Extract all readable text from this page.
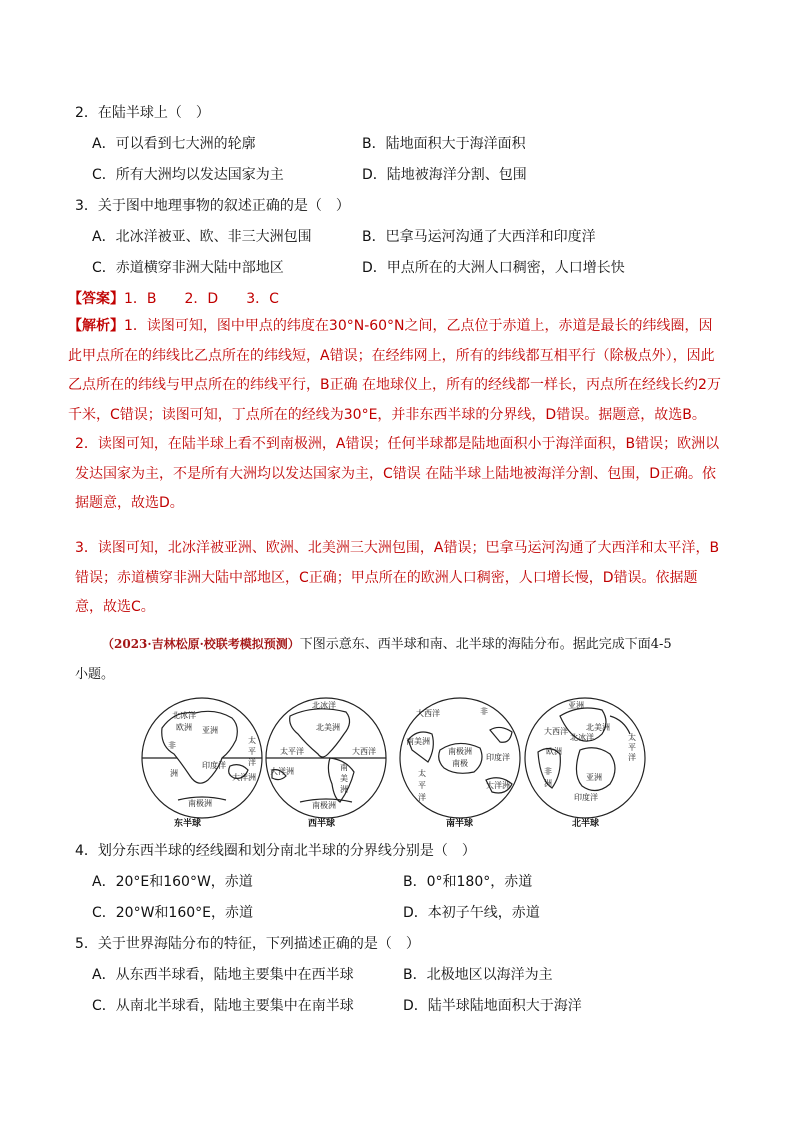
2．在陆半球上（　）
A．可以看到七大洲的轮廓	B．陆地面积大于海洋面积
C．所有大洲均以发达国家为主	D．陆地被海洋分割、包围
3．关于图中地理事物的叙述正确的是（　）
A．北冰洋被亚、欧、非三大洲包围	B．巴拿马运河沟通了大西洋和印度洋
C．赤道横穿非洲大陆中部地区	D．甲点所在的大洲人口稠密，人口增长快
【答案】1．B　　2．D　　3．C
【解析】1．读图可知，图中甲点的纬度在30°N-60°N之间，乙点位于赤道上，赤道是最长的纬线圈，因此甲点所在的纬线比乙点所在的纬线短，A错误；在经纬网上，所有的纬线都互相平行（除极点外），因此乙点所在的纬线与甲点所在的纬线平行，B正确 在地球仪上，所有的经线都一样长，丙点所在经线长约2万千米，C错误；读图可知，丁点所在的经线为30°E，并非东西半球的分界线，D错误。据题意，故选B。
2．读图可知，在陆半球上看不到南极洲，A错误；任何半球都是陆地面积小于海洋面积，B错误；欧洲以发达国家为主，不是所有大洲均以发达国家为主，C错误 在陆半球上陆地被海洋分割、包围，D正确。依据题意，故选D。
3．读图可知，北冰洋被亚洲、欧洲、北美洲三大洲包围，A错误；巴拿马运河沟通了大西洋和太平洋，B错误；赤道横穿非洲大陆中部地区，C正确；甲点所在的欧洲人口稠密，人口增长慢，D错误。依据题意，故选C。
（2023·吉林松原·校联考模拟预测）下图示意东、西半球和南、北半球的海陆分布。据此完成下面4-5
小题。
北冰洋
欧洲 亚洲
太
平
洋
非
洲
印度洋
大洋洲
南极洲
东半球
北冰洋
北美洲
太平洋	大西洋
大洋洲	南
美
洲
南极洲
西半球
大西洋	非
南美洲
南极洲
南极
印度洋
太
平
洋
大洋洲
南半球
亚洲
北美洲
大西洋
北冰洋
欧洲
太
平
洋
非
洲
亚洲
印度洋
北半球
4．划分东西半球的经线圈和划分南北半球的分界线分别是（　）
A．20°E和160°W，赤道	B．0°和180°，赤道
C．20°W和160°E，赤道	D．本初子午线，赤道
5．关于世界海陆分布的特征，下列描述正确的是（　）
A．从东西半球看，陆地主要集中在西半球	B．北极地区以海洋为主
C．从南北半球看，陆地主要集中在南半球	D．陆半球陆地面积大于海洋
